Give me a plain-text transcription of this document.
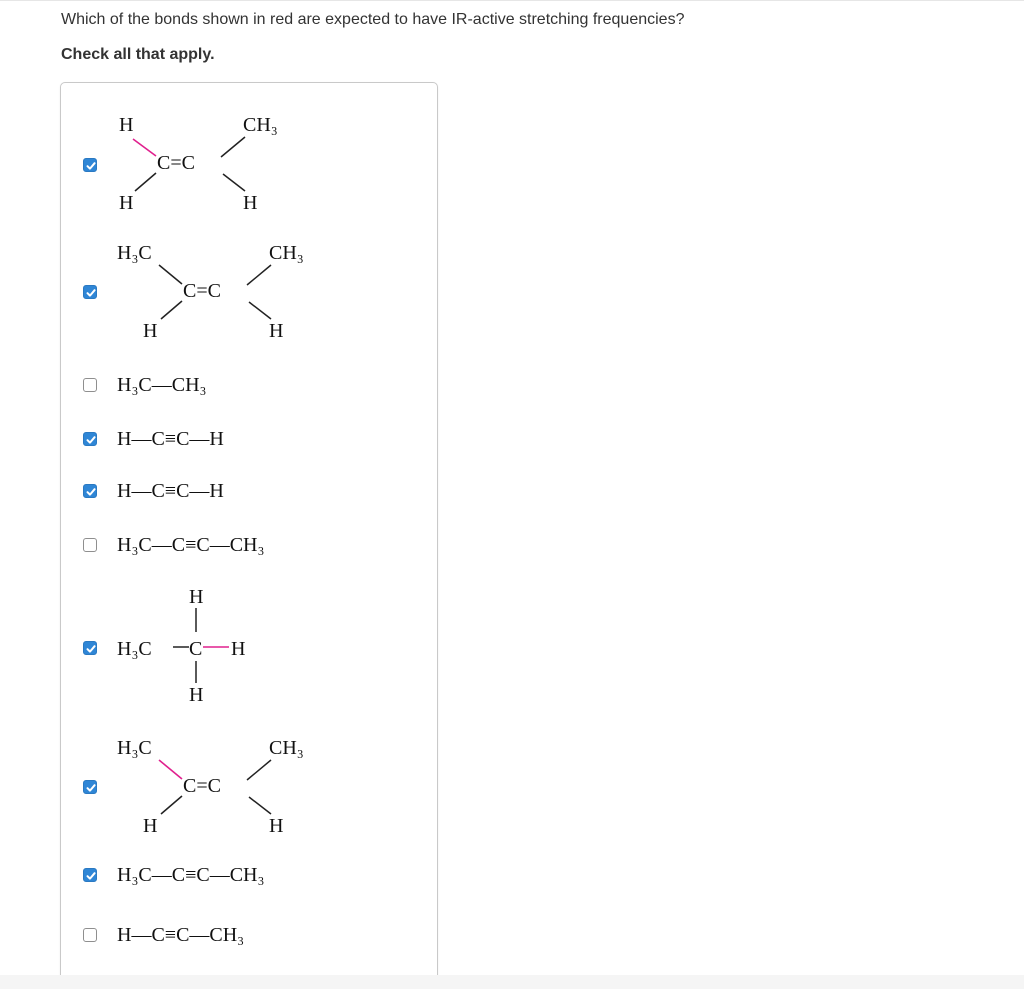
Which of the bonds shown in red are expected to have IR-active stretching frequencies?
Check all that apply.
H	CH₃
C=C
H	H
H₃C	CH₃
C=C
H	H
H₃C—CH₃
H—C≡C—H
H—C≡C—H
H₃C—C≡C—CH₃
H
H₃C C H
H
H₃C	CH₃
C=C
H	H
H₃C—C≡C—CH₃
H—C≡C—CH₃
